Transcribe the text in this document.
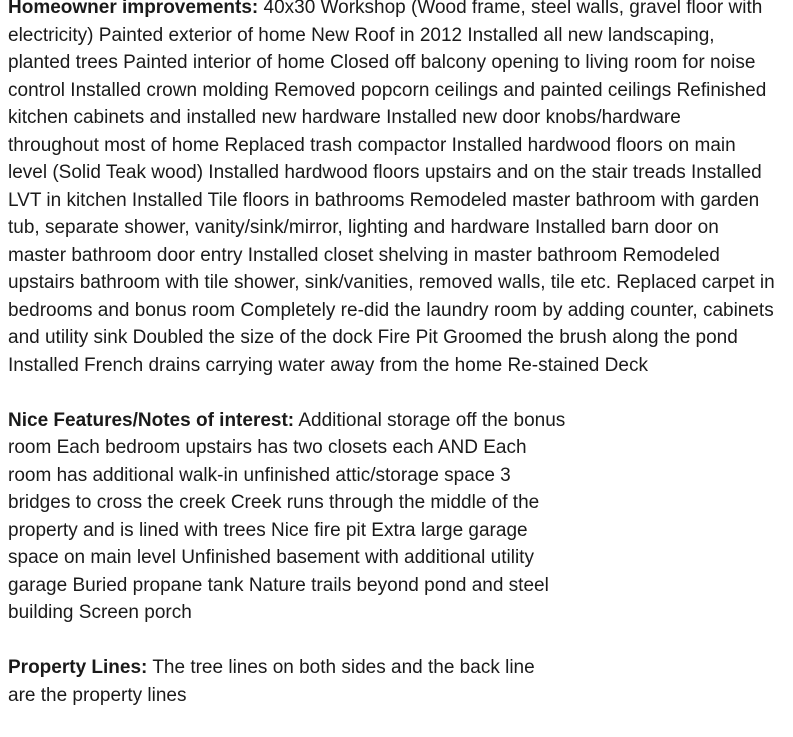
Homeowner improvements: 40x30 Workshop (Wood frame, steel walls, gravel floor with electricity) Painted exterior of home New Roof in 2012 Installed all new landscaping, planted trees Painted interior of home Closed off balcony opening to living room for noise control Installed crown molding Removed popcorn ceilings and painted ceilings Refinished kitchen cabinets and installed new hardware Installed new door knobs/hardware throughout most of home Replaced trash compactor Installed hardwood floors on main level (Solid Teak wood) Installed hardwood floors upstairs and on the stair treads Installed LVT in kitchen Installed Tile floors in bathrooms Remodeled master bathroom with garden tub, separate shower, vanity/sink/mirror, lighting and hardware Installed barn door on master bathroom door entry Installed closet shelving in master bathroom Remodeled upstairs bathroom with tile shower, sink/vanities, removed walls, tile etc. Replaced carpet in bedrooms and bonus room Completely re-did the laundry room by adding counter, cabinets and utility sink Doubled the size of the dock Fire Pit Groomed the brush along the pond Installed French drains carrying water away from the home Re-stained Deck

Nice Features/Notes of interest: Additional storage off the bonus room Each bedroom upstairs has two closets each AND Each room has additional walk-in unfinished attic/storage space 3 bridges to cross the creek Creek runs through the middle of the property and is lined with trees Nice fire pit Extra large garage space on main level Unfinished basement with additional utility garage Buried propane tank Nature trails beyond pond and steel building Screen porch

Property Lines: The tree lines on both sides and the back line are the property lines
